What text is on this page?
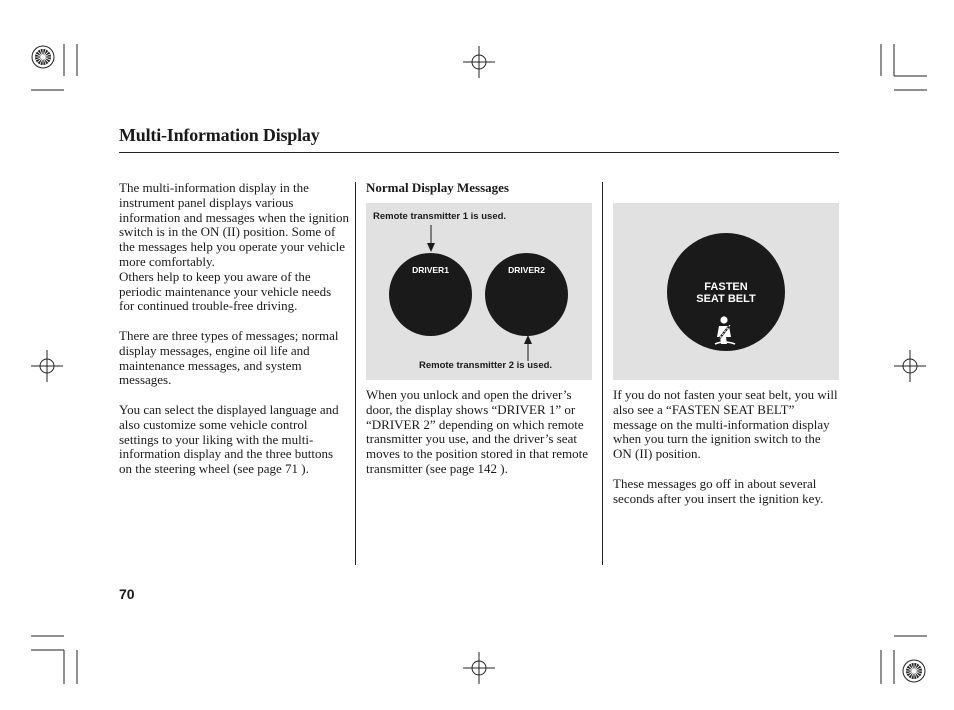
Multi-Information Display

The multi-information display in the instrument panel displays various information and messages when the ignition switch is in the ON (II) position. Some of the messages help you operate your vehicle more comfortably.

Others help to keep you aware of the periodic maintenance your vehicle needs for continued trouble-free driving.

There are three types of messages; normal display messages, engine oil life and maintenance messages, and system messages.

You can select the displayed language and also customize some vehicle control settings to your liking with the multi-information display and the three buttons on the steering wheel (see page 71 ).

Normal Display Messages
Remote transmitter 1 is used.
DRIVER1	DRIVER2
Remote transmitter 2 is used.

When you unlock and open the driver’s door, the display shows “DRIVER 1” or “DRIVER 2” depending on which remote transmitter you use, and the driver’s seat moves to the position stored in that remote transmitter (see page 142 ).

FASTEN
SEAT BELT

If you do not fasten your seat belt, you will also see a “FASTEN SEAT BELT” message on the multi-information display when you turn the ignition switch to the ON (II) position.

These messages go off in about several seconds after you insert the ignition key.

70
